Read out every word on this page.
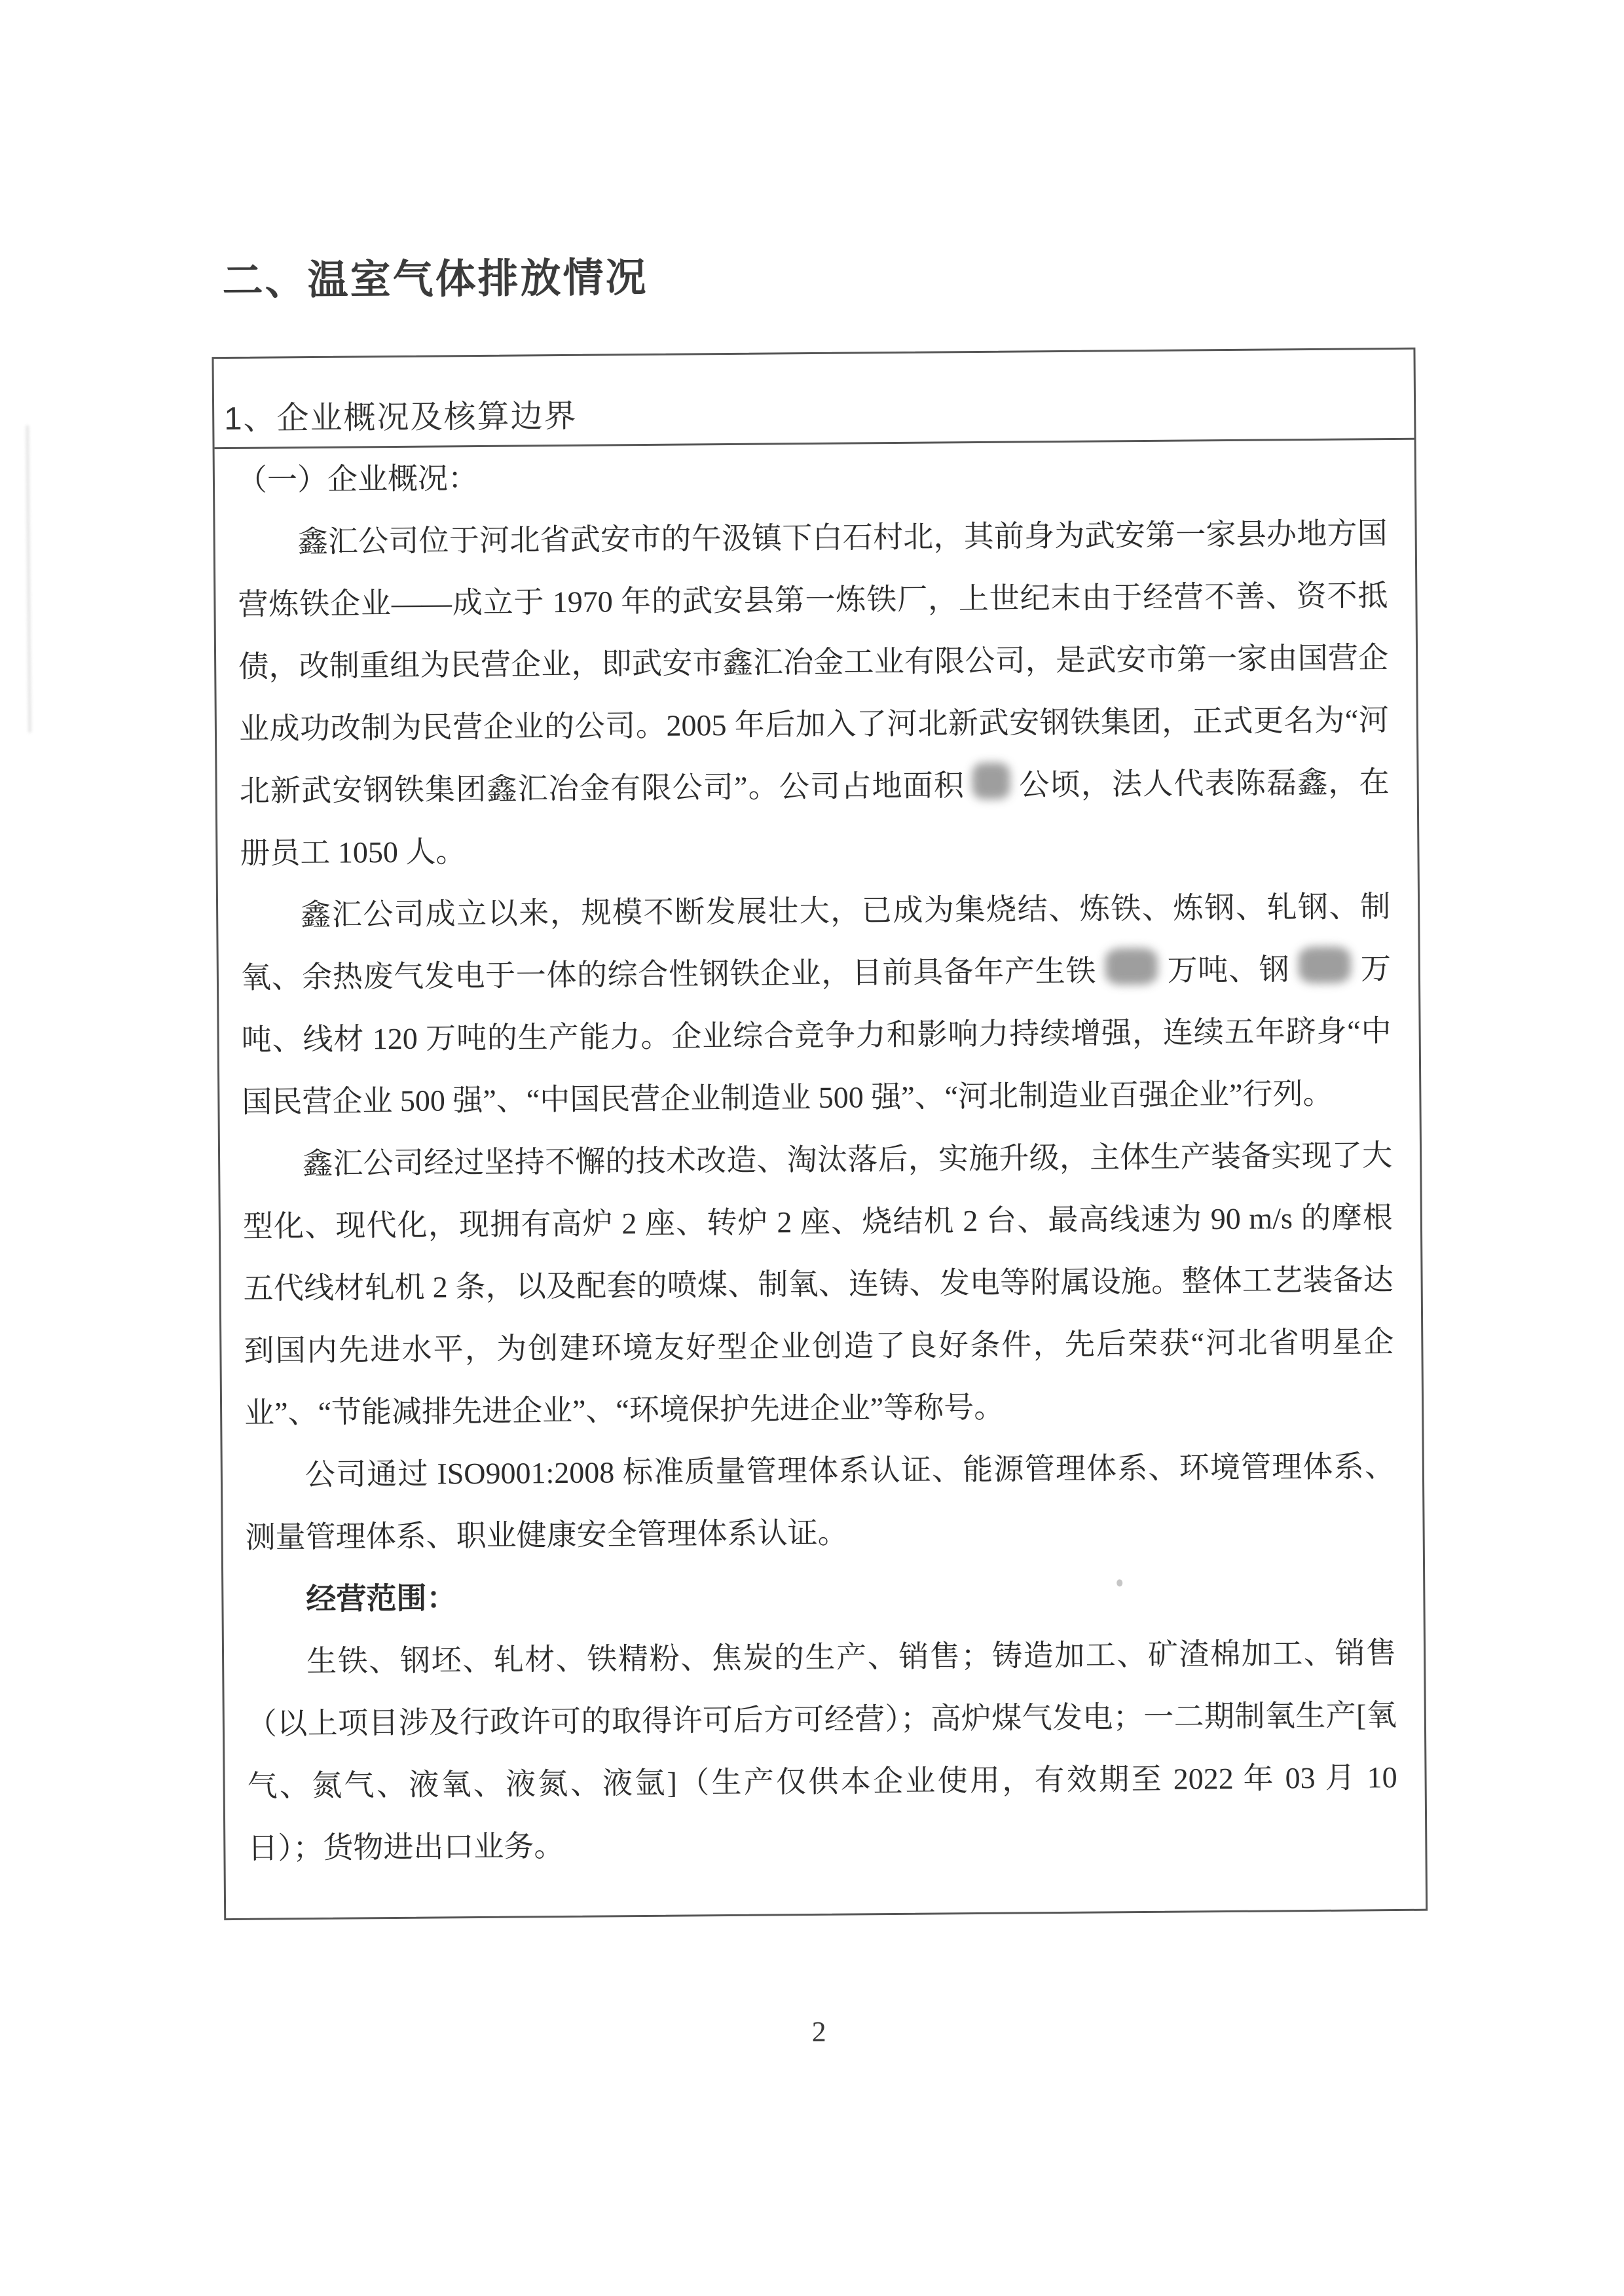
二、温室气体排放情况
1、企业概况及核算边界

（一）企业概况：

鑫汇公司位于河北省武安市的午汲镇下白石村北，其前身为武安第一家县办地方国营炼铁企业——成立于 1970 年的武安县第一炼铁厂，上世纪末由于经营不善、资不抵债，改制重组为民营企业，即武安市鑫汇冶金工业有限公司，是武安市第一家由国营企业成功改制为民营企业的公司。2005 年后加入了河北新武安钢铁集团，正式更名为“河北新武安钢铁集团鑫汇冶金有限公司”。公司占地面积 公顷，法人代表陈磊鑫，在册员工 1050 人。

鑫汇公司成立以来，规模不断发展壮大，已成为集烧结、炼铁、炼钢、轧钢、制氧、余热废气发电于一体的综合性钢铁企业，目前具备年产生铁 万吨、钢 万吨、线材 120 万吨的生产能力。企业综合竞争力和影响力持续增强，连续五年跻身“中国民营企业 500 强”、“中国民营企业制造业 500 强”、“河北制造业百强企业”行列。

鑫汇公司经过坚持不懈的技术改造、淘汰落后，实施升级，主体生产装备实现了大型化、现代化，现拥有高炉 2 座、转炉 2 座、烧结机 2 台、最高线速为 90 m/s 的摩根五代线材轧机 2 条，以及配套的喷煤、制氧、连铸、发电等附属设施。整体工艺装备达到国内先进水平，为创建环境友好型企业创造了良好条件，先后荣获“河北省明星企业”、“节能减排先进企业”、“环境保护先进企业”等称号。

公司通过 ISO9001:2008 标准质量管理体系认证、能源管理体系、环境管理体系、测量管理体系、职业健康安全管理体系认证。

经营范围：

生铁、钢坯、轧材、铁精粉、焦炭的生产、销售；铸造加工、矿渣棉加工、销售（以上项目涉及行政许可的取得许可后方可经营）；高炉煤气发电；一二期制氧生产[氧气、氮气、液氧、液氮、液氩]（生产仅供本企业使用，有效期至 2022 年 03 月 10 日）；货物进出口业务。

2
